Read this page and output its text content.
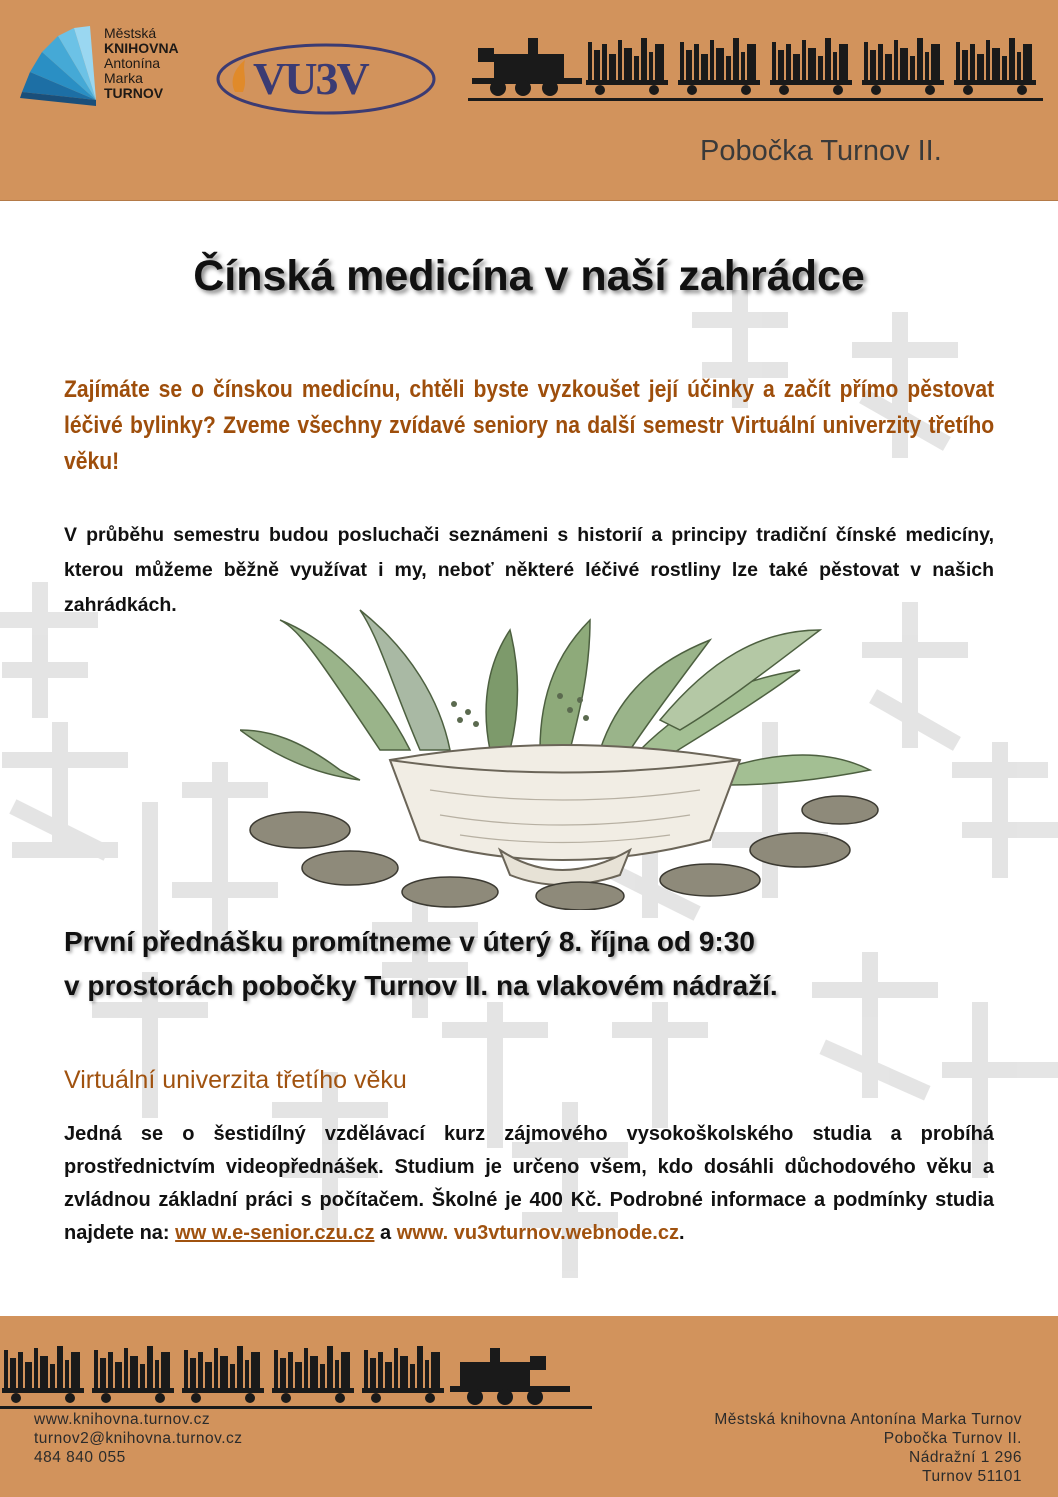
Městská
KNIHOVNA
Antonína
Marka
TURNOV	VU3V
Pobočka Turnov II.
Čínská medicína v naší zahrádce
Zajímáte se o čínskou medicínu, chtěli byste vyzkoušet její účinky a začít přímo pěstovat léčivé bylinky? Zveme všechny zvídavé seniory na další semestr Virtuální univerzity třetího věku!
V průběhu semestru budou posluchači seznámeni s historií a principy tradiční čínské medicíny, kterou můžeme běžně využívat i my, neboť některé léčivé rostliny lze také pěstovat v našich zahrádkách.
První přednášku promítneme v úterý 8. října od 9:30
v prostorách pobočky Turnov II. na vlakovém nádraží.
Virtuální univerzita třetího věku
Jedná se o šestidílný vzdělávací kurz zájmového vysokoškolského studia a probíhá prostřednictvím videopřednášek. Studium je určeno všem, kdo dosáhli důchodového věku a zvládnou základní práci s počítačem. Školné je 400 Kč. Podrobné informace a podmínky studia najdete na: ww w.e-senior.czu.cz a www. vu3vturnov.webnode.cz.
www.knihovna.turnov.cz
turnov2@knihovna.turnov.cz
484 840 055
Městská knihovna Antonína Marka Turnov
Pobočka Turnov II.
Nádražní 1 296
Turnov 51101
